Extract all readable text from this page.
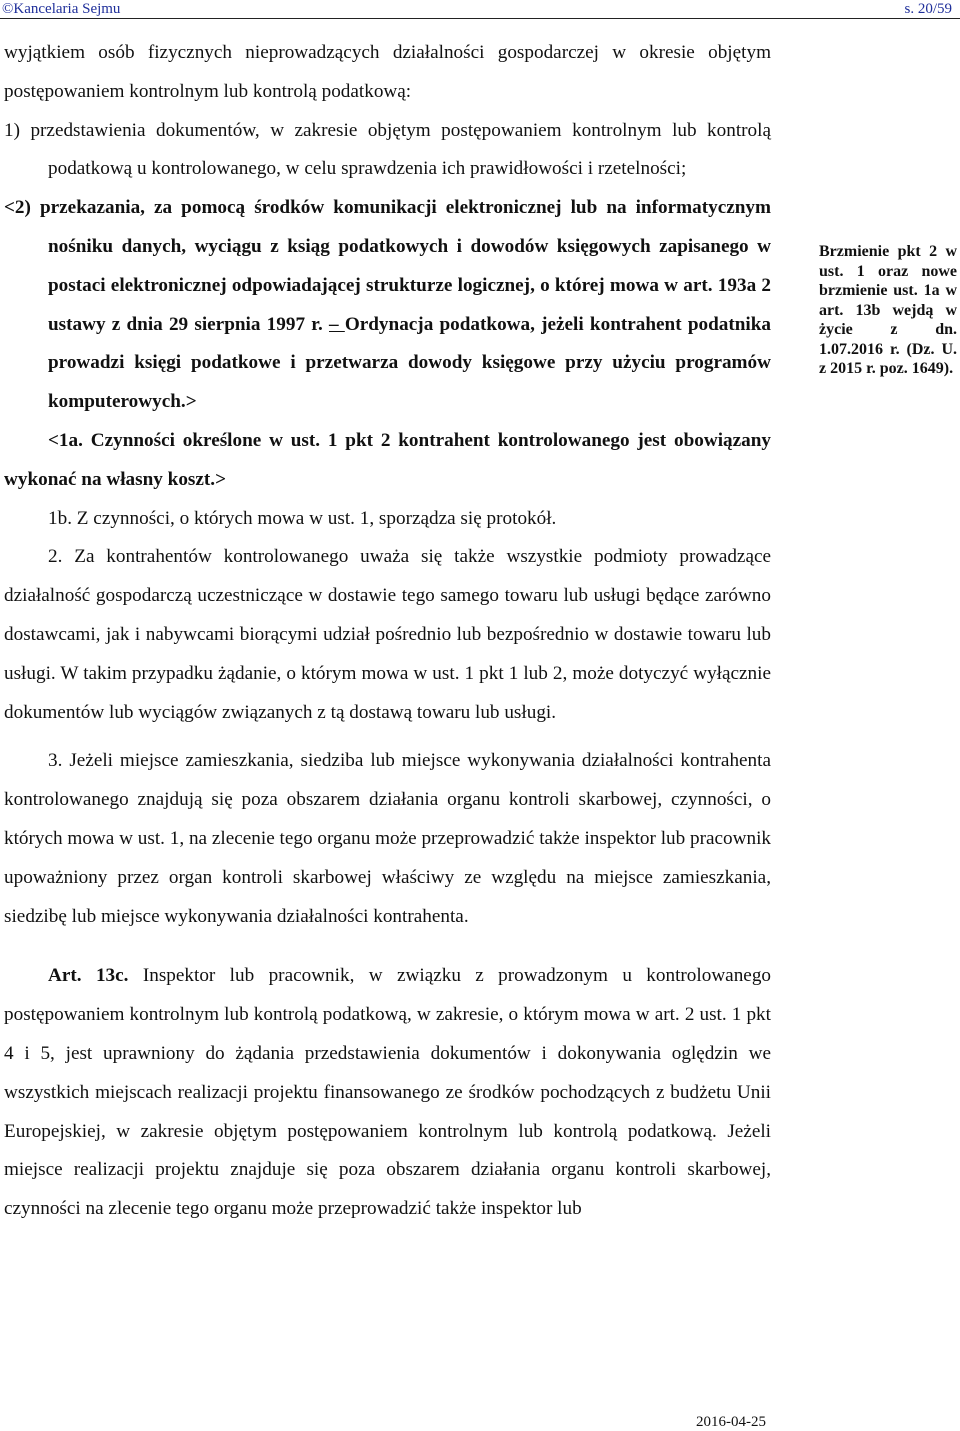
©Kancelaria Sejmu	s. 20/59

wyjątkiem osób fizycznych nieprowadzących działalności gospodarczej w okresie objętym postępowaniem kontrolnym lub kontrolą podatkową:

1) przedstawienia dokumentów, w zakresie objętym postępowaniem kontrolnym lub kontrolą podatkową u kontrolowanego, w celu sprawdzenia ich prawidłowości i rzetelności;

<2) przekazania, za pomocą środków komunikacji elektronicznej lub na informatycznym nośniku danych, wyciągu z ksiąg podatkowych i dowodów księgowych zapisanego w postaci elektronicznej odpowiadającej strukturze logicznej, o której mowa w art. 193a 2 ustawy z dnia 29 sierpnia 1997 r. – Ordynacja podatkowa, jeżeli kontrahent podatnika prowadzi księgi podatkowe i przetwarza dowody księgowe przy użyciu programów komputerowych.>

<1a. Czynności określone w ust. 1 pkt 2 kontrahent kontrolowanego jest obowiązany wykonać na własny koszt.>

1b. Z czynności, o których mowa w ust. 1, sporządza się protokół.

2. Za kontrahentów kontrolowanego uważa się także wszystkie podmioty prowadzące działalność gospodarczą uczestniczące w dostawie tego samego towaru lub usługi będące zarówno dostawcami, jak i nabywcami biorącymi udział pośrednio lub bezpośrednio w dostawie towaru lub usługi. W takim przypadku żądanie, o którym mowa w ust. 1 pkt 1 lub 2, może dotyczyć wyłącznie dokumentów lub wyciągów związanych z tą dostawą towaru lub usługi.

3. Jeżeli miejsce zamieszkania, siedziba lub miejsce wykonywania działalności kontrahenta kontrolowanego znajdują się poza obszarem działania organu kontroli skarbowej, czynności, o których mowa w ust. 1, na zlecenie tego organu może przeprowadzić także inspektor lub pracownik upoważniony przez organ kontroli skarbowej właściwy ze względu na miejsce zamieszkania, siedzibę lub miejsce wykonywania działalności kontrahenta.

Art. 13c. Inspektor lub pracownik, w związku z prowadzonym u kontrolowanego postępowaniem kontrolnym lub kontrolą podatkową, w zakresie, o którym mowa w art. 2 ust. 1 pkt 4 i 5, jest uprawniony do żądania przedstawienia dokumentów i dokonywania oględzin we wszystkich miejscach realizacji projektu finansowanego ze środków pochodzących z budżetu Unii Europejskiej, w zakresie objętym postępowaniem kontrolnym lub kontrolą podatkową. Jeżeli miejsce realizacji projektu znajduje się poza obszarem działania organu kontroli skarbowej, czynności na zlecenie tego organu może przeprowadzić także inspektor lub

Brzmienie pkt 2 w ust. 1 oraz nowe brzmienie ust. 1a w art. 13b wejdą w życie z dn. 1.07.2016 r. (Dz. U. z 2015 r. poz. 1649).
2016-04-25
